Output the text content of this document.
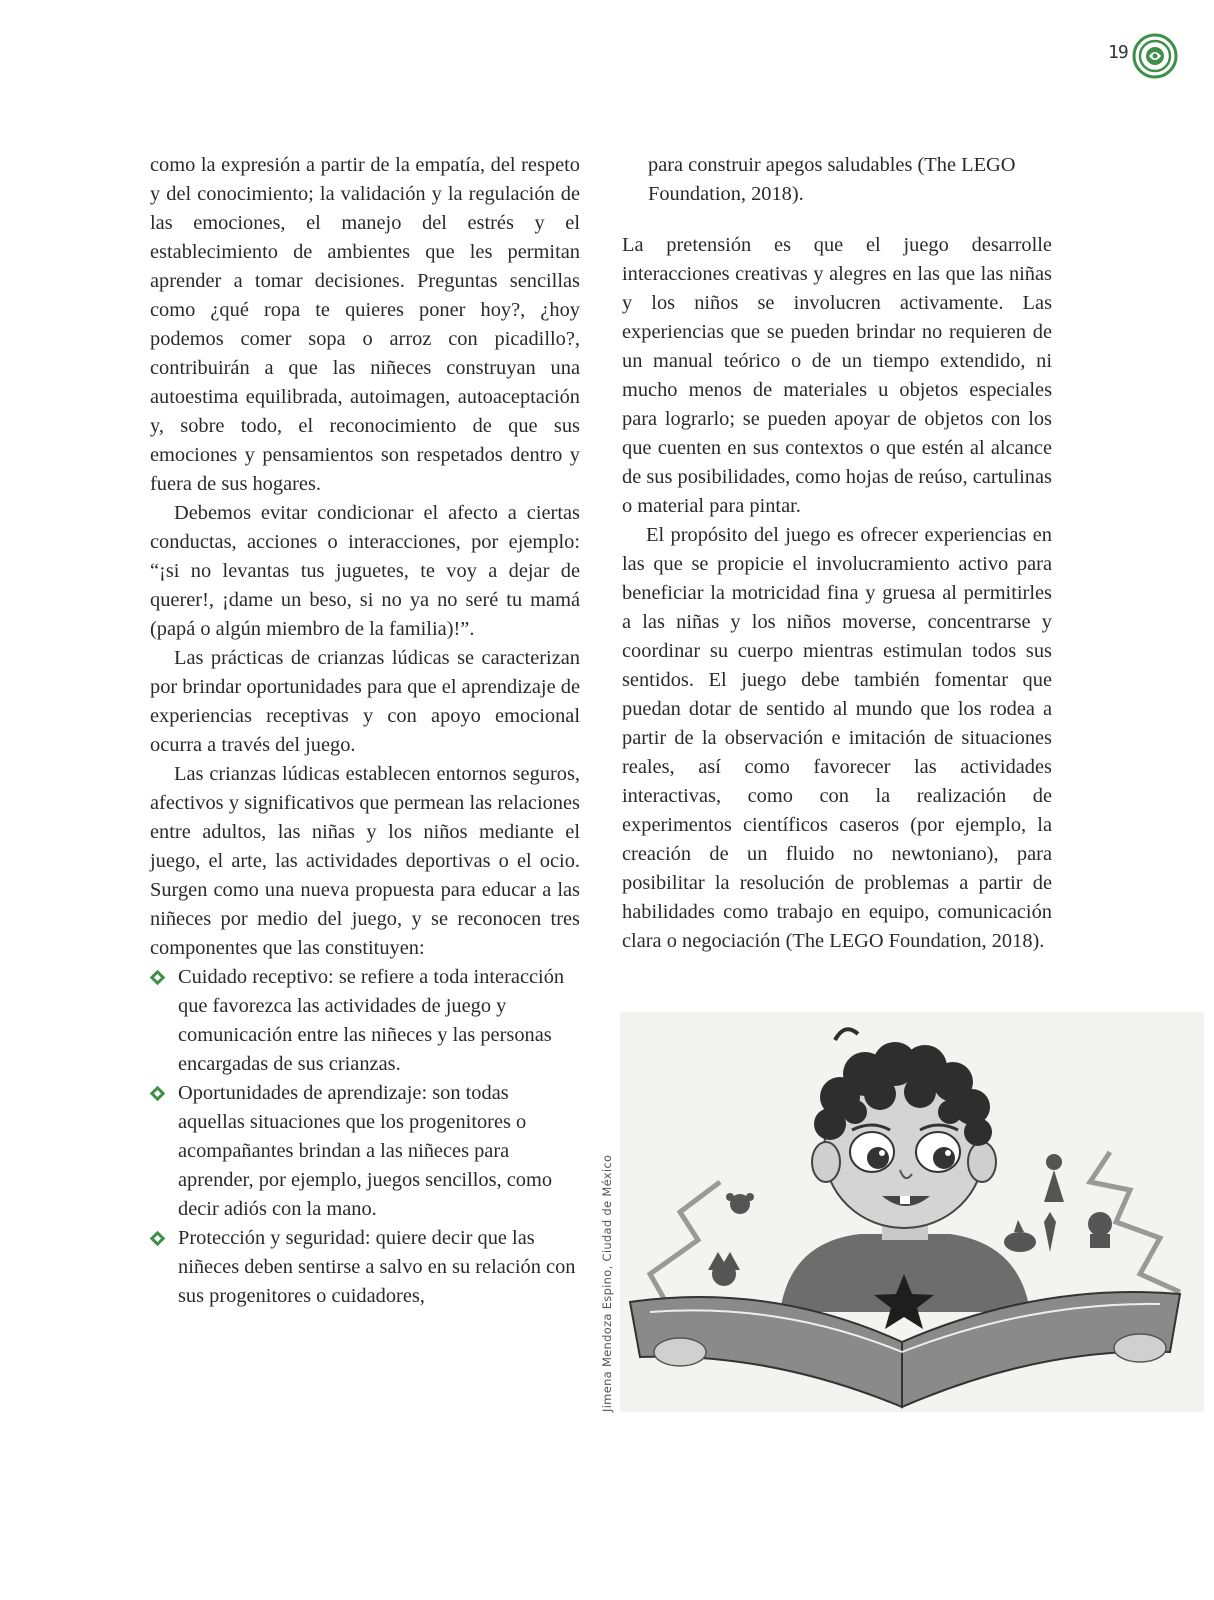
19

como la expresión a partir de la empatía, del respeto y del conocimiento; la validación y la regulación de las emociones, el manejo del estrés y el establecimiento de ambientes que les permitan aprender a tomar decisiones. Preguntas sencillas como ¿qué ropa te quieres poner hoy?, ¿hoy podemos comer sopa o arroz con picadillo?, contribuirán a que las niñeces construyan una autoestima equilibrada, autoimagen, autoaceptación y, sobre todo, el reconocimiento de que sus emociones y pensamientos son respetados dentro y fuera de sus hogares.

Debemos evitar condicionar el afecto a ciertas conductas, acciones o interacciones, por ejemplo: “¡si no levantas tus juguetes, te voy a dejar de querer!, ¡dame un beso, si no ya no seré tu mamá (papá o algún miembro de la familia)!”.

Las prácticas de crianzas lúdicas se caracterizan por brindar oportunidades para que el aprendizaje de experiencias receptivas y con apoyo emocional ocurra a través del juego.

Las crianzas lúdicas establecen entornos seguros, afectivos y significativos que permean las relaciones entre adultos, las niñas y los niños mediante el juego, el arte, las actividades deportivas o el ocio. Surgen como una nueva propuesta para educar a las niñeces por medio del juego, y se reconocen tres componentes que las constituyen:

Cuidado receptivo: se refiere a toda interacción que favorezca las actividades de juego y comunicación entre las niñeces y las personas encargadas de sus crianzas.
Oportunidades de aprendizaje: son todas aquellas situaciones que los progenitores o acompañantes brindan a las niñeces para aprender, por ejemplo, juegos sencillos, como decir adiós con la mano.
Protección y seguridad: quiere decir que las niñeces deben sentirse a salvo en su relación con sus progenitores o cuidadores,

para construir apegos saludables (The LEGO Foundation, 2018).

La pretensión es que el juego desarrolle interacciones creativas y alegres en las que las niñas y los niños se involucren activamente. Las experiencias que se pueden brindar no requieren de un manual teórico o de un tiempo extendido, ni mucho menos de materiales u objetos especiales para lograrlo; se pueden apoyar de objetos con los que cuenten en sus contextos o que estén al alcance de sus posibilidades, como hojas de reúso, cartulinas o material para pintar.

El propósito del juego es ofrecer experiencias en las que se propicie el involucramiento activo para beneficiar la motricidad fina y gruesa al permitirles a las niñas y los niños moverse, concentrarse y coordinar su cuerpo mientras estimulan todos sus sentidos. El juego debe también fomentar que puedan dotar de sentido al mundo que los rodea a partir de la observación e imitación de situaciones reales, así como favorecer las actividades interactivas, como con la realización de experimentos científicos caseros (por ejemplo, la creación de un fluido no newtoniano), para posibilitar la resolución de problemas a partir de habilidades como trabajo en equipo, comunicación clara o negociación (The LEGO Foundation, 2018).

Jimena Mendoza Espino, Ciudad de México
